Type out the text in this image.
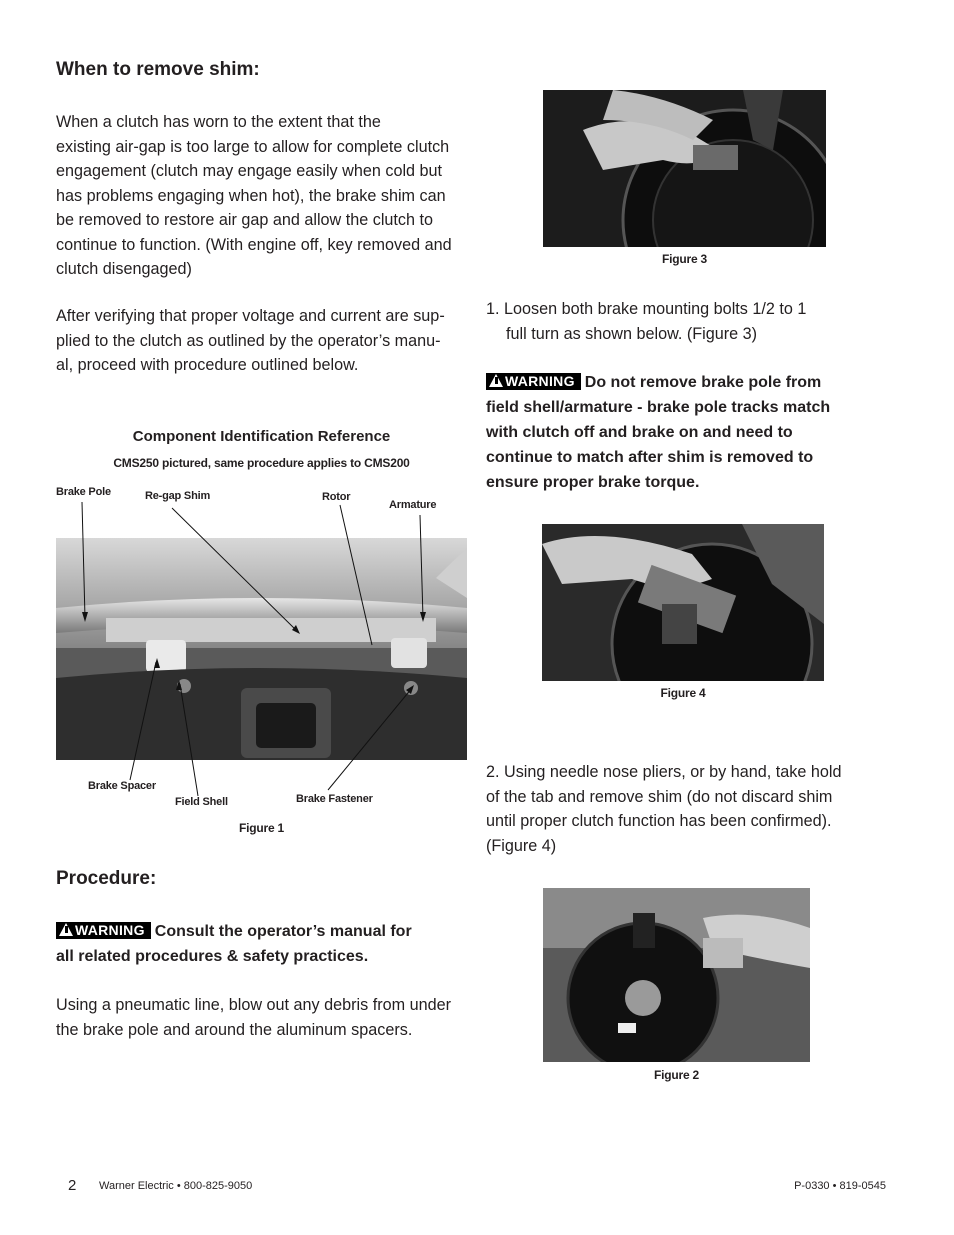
When to remove shim:
When a clutch has worn to the extent that the
existing air-gap is too large to allow for complete clutch
engagement (clutch may engage easily when cold but
has problems engaging when hot), the brake shim can
be removed to restore air gap and allow the clutch to
continue to function. (With engine off, key removed and
clutch disengaged)
After verifying that proper voltage and current are sup-
plied to the clutch as outlined by the operator’s manu-
al, proceed with procedure outlined below.
Component Identification Reference
CMS250 pictured, same procedure applies to CMS200
Brake Pole	Re-gap Shim	Rotor
Armature
Brake Spacer
Field Shell	Brake Fastener
Figure 1
Procedure:
WARNING Consult the operator’s manual for
all related procedures & safety practices.
Using a pneumatic line, blow out any debris from under
the brake pole and around the aluminum spacers.
Figure 3
1. Loosen both brake mounting bolts 1/2 to 1
full turn as shown below. (Figure 3)
WARNING Do not remove brake pole from
field shell/armature - brake pole tracks match
with clutch off and brake on and need to
continue to match after shim is removed to
ensure proper brake torque.
Figure 4
2. Using needle nose pliers, or by hand, take hold
of the tab and remove shim (do not discard shim
until proper clutch function has been confirmed).
(Figure 4)
Figure 2
2 Warner Electric • 800-825-9050	P-0330 • 819-0545
